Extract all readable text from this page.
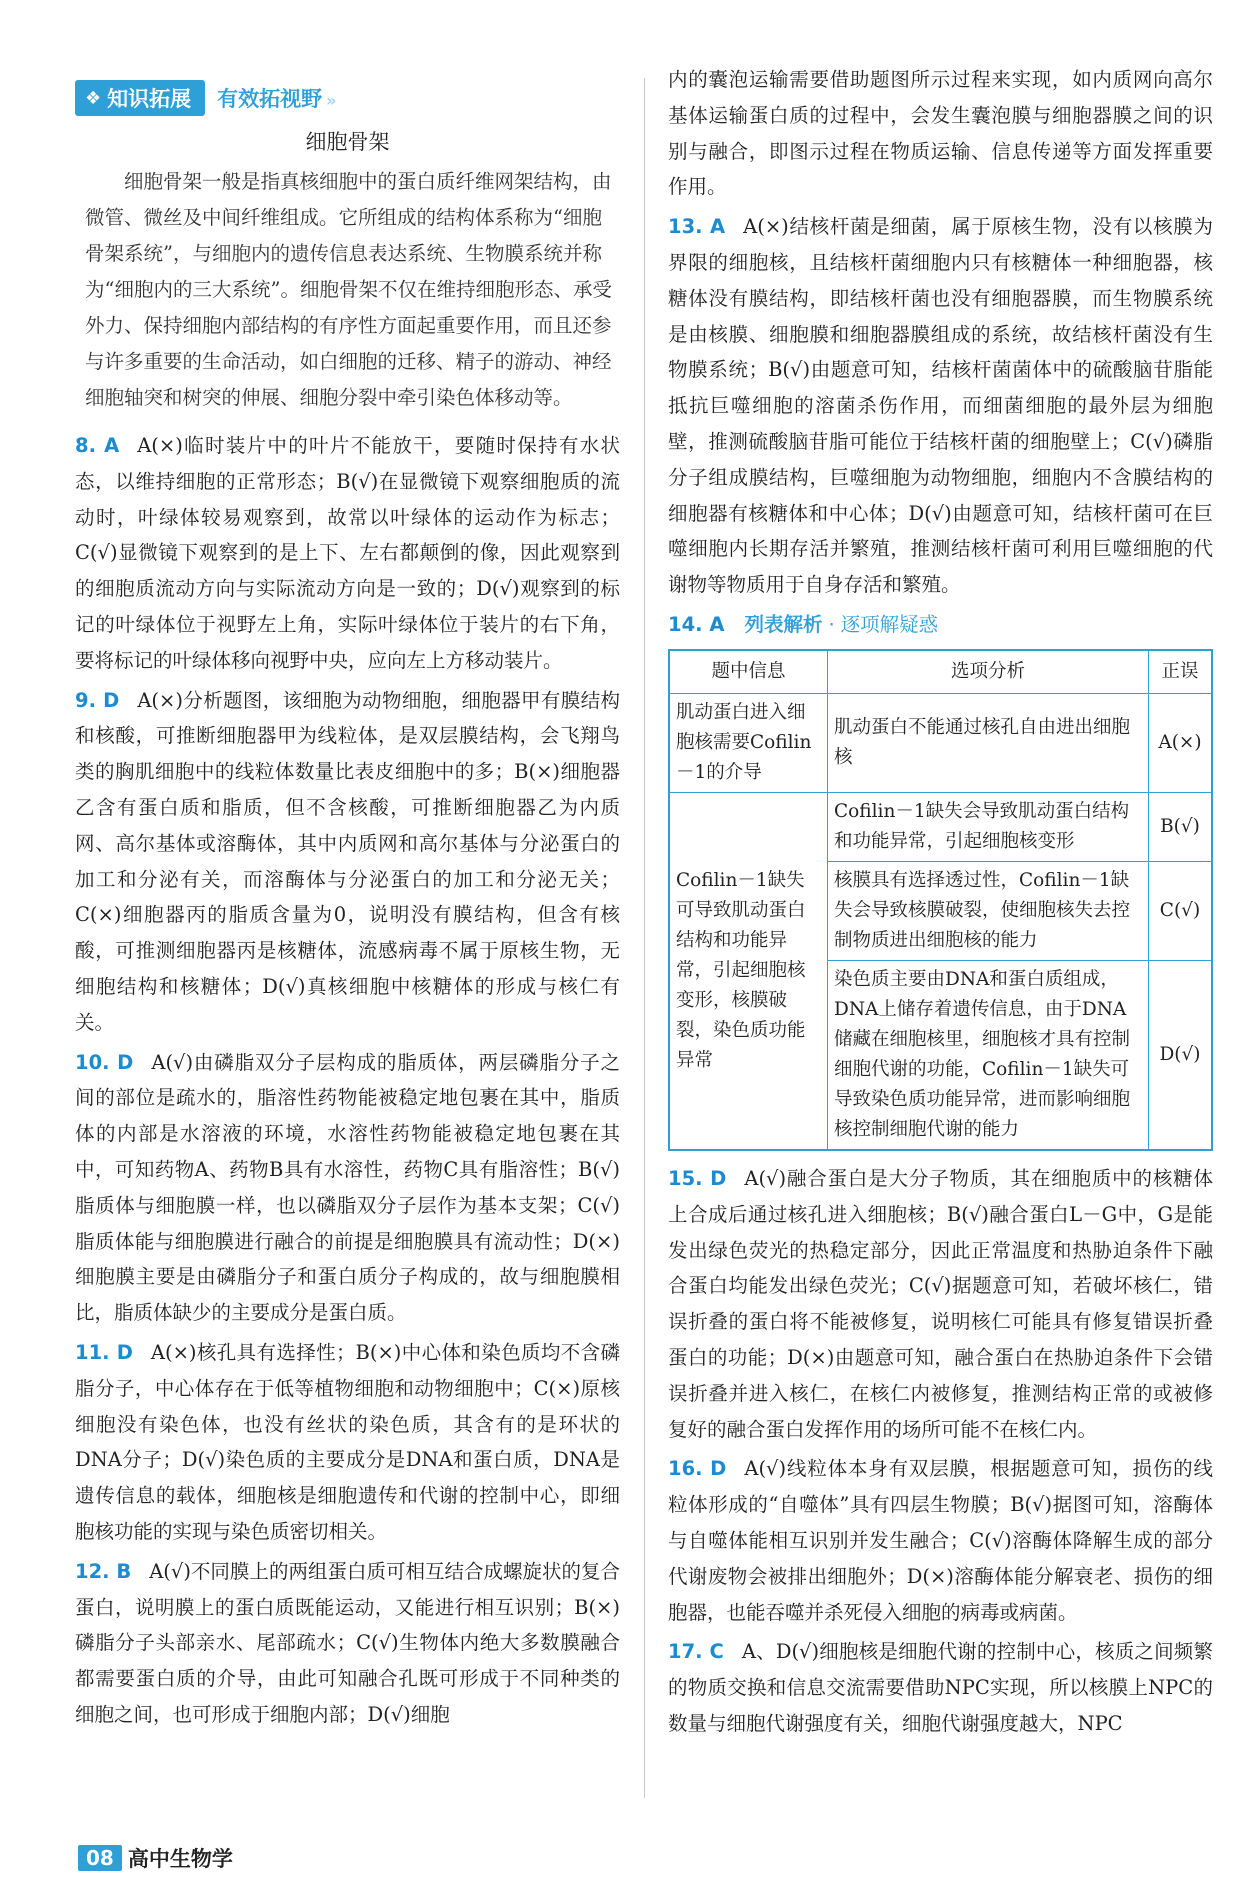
❖ 知识拓展 有效拓视野 »
细胞骨架

细胞骨架一般是指真核细胞中的蛋白质纤维网架结构，由微管、微丝及中间纤维组成。它所组成的结构体系称为“细胞骨架系统”，与细胞内的遗传信息表达系统、生物膜系统并称为“细胞内的三大系统”。细胞骨架不仅在维持细胞形态、承受外力、保持细胞内部结构的有序性方面起重要作用，而且还参与许多重要的生命活动，如白细胞的迁移、精子的游动、神经细胞轴突和树突的伸展、细胞分裂中牵引染色体移动等。

8. A A(×)临时装片中的叶片不能放干，要随时保持有水状态，以维持细胞的正常形态；B(√)在显微镜下观察细胞质的流动时，叶绿体较易观察到，故常以叶绿体的运动作为标志；C(√)显微镜下观察到的是上下、左右都颠倒的像，因此观察到的细胞质流动方向与实际流动方向是一致的；D(√)观察到的标记的叶绿体位于视野左上角，实际叶绿体位于装片的右下角，要将标记的叶绿体移向视野中央，应向左上方移动装片。

9. D A(×)分析题图，该细胞为动物细胞，细胞器甲有膜结构和核酸，可推断细胞器甲为线粒体，是双层膜结构，会飞翔鸟类的胸肌细胞中的线粒体数量比表皮细胞中的多；B(×)细胞器乙含有蛋白质和脂质，但不含核酸，可推断细胞器乙为内质网、高尔基体或溶酶体，其中内质网和高尔基体与分泌蛋白的加工和分泌有关，而溶酶体与分泌蛋白的加工和分泌无关；C(×)细胞器丙的脂质含量为0，说明没有膜结构，但含有核酸，可推测细胞器丙是核糖体，流感病毒不属于原核生物，无细胞结构和核糖体；D(√)真核细胞中核糖体的形成与核仁有关。

10. D A(√)由磷脂双分子层构成的脂质体，两层磷脂分子之间的部位是疏水的，脂溶性药物能被稳定地包裹在其中，脂质体的内部是水溶液的环境，水溶性药物能被稳定地包裹在其中，可知药物A、药物B具有水溶性，药物C具有脂溶性；B(√)脂质体与细胞膜一样，也以磷脂双分子层作为基本支架；C(√)脂质体能与细胞膜进行融合的前提是细胞膜具有流动性；D(×)细胞膜主要是由磷脂分子和蛋白质分子构成的，故与细胞膜相比，脂质体缺少的主要成分是蛋白质。

11. D A(×)核孔具有选择性；B(×)中心体和染色质均不含磷脂分子，中心体存在于低等植物细胞和动物细胞中；C(×)原核细胞没有染色体，也没有丝状的染色质，其含有的是环状的DNA分子；D(√)染色质的主要成分是DNA和蛋白质，DNA是遗传信息的载体，细胞核是细胞遗传和代谢的控制中心，即细胞核功能的实现与染色质密切相关。

12. B A(√)不同膜上的两组蛋白质可相互结合成螺旋状的复合蛋白，说明膜上的蛋白质既能运动，又能进行相互识别；B(×)磷脂分子头部亲水、尾部疏水；C(√)生物体内绝大多数膜融合都需要蛋白质的介导，由此可知融合孔既可形成于不同种类的细胞之间，也可形成于细胞内部；D(√)细胞

内的囊泡运输需要借助题图所示过程来实现，如内质网向高尔基体运输蛋白质的过程中，会发生囊泡膜与细胞器膜之间的识别与融合，即图示过程在物质运输、信息传递等方面发挥重要作用。

13. A A(×)结核杆菌是细菌，属于原核生物，没有以核膜为界限的细胞核，且结核杆菌细胞内只有核糖体一种细胞器，核糖体没有膜结构，即结核杆菌也没有细胞器膜，而生物膜系统是由核膜、细胞膜和细胞器膜组成的系统，故结核杆菌没有生物膜系统；B(√)由题意可知，结核杆菌菌体中的硫酸脑苷脂能抵抗巨噬细胞的溶菌杀伤作用，而细菌细胞的最外层为细胞壁，推测硫酸脑苷脂可能位于结核杆菌的细胞壁上；C(√)磷脂分子组成膜结构，巨噬细胞为动物细胞，细胞内不含膜结构的细胞器有核糖体和中心体；D(√)由题意可知，结核杆菌可在巨噬细胞内长期存活并繁殖，推测结核杆菌可利用巨噬细胞的代谢物等物质用于自身存活和繁殖。

14. A 列表解析 · 逐项解疑惑
题中信息	选项分析	正误
肌动蛋白进入细胞核需要Cofilin－1的介导	肌动蛋白不能通过核孔自由进出细胞核	A(×)
Cofilin－1缺失可导致肌动蛋白结构和功能异常，引起细胞核变形，核膜破裂，染色质功能异常	Cofilin－1缺失会导致肌动蛋白结构和功能异常，引起细胞核变形	B(√)
	核膜具有选择透过性，Cofilin－1缺失会导致核膜破裂，使细胞核失去控制物质进出细胞核的能力	C(√)
	染色质主要由DNA和蛋白质组成，DNA上储存着遗传信息，由于DNA储藏在细胞核里，细胞核才具有控制细胞代谢的功能，Cofilin－1缺失可导致染色质功能异常，进而影响细胞核控制细胞代谢的能力	D(√)

15. D A(√)融合蛋白是大分子物质，其在细胞质中的核糖体上合成后通过核孔进入细胞核；B(√)融合蛋白L－G中，G是能发出绿色荧光的热稳定部分，因此正常温度和热胁迫条件下融合蛋白均能发出绿色荧光；C(√)据题意可知，若破坏核仁，错误折叠的蛋白将不能被修复，说明核仁可能具有修复错误折叠蛋白的功能；D(×)由题意可知，融合蛋白在热胁迫条件下会错误折叠并进入核仁，在核仁内被修复，推测结构正常的或被修复好的融合蛋白发挥作用的场所可能不在核仁内。

16. D A(√)线粒体本身有双层膜，根据题意可知，损伤的线粒体形成的“自噬体”具有四层生物膜；B(√)据图可知，溶酶体与自噬体能相互识别并发生融合；C(√)溶酶体降解生成的部分代谢废物会被排出细胞外；D(×)溶酶体能分解衰老、损伤的细胞器，也能吞噬并杀死侵入细胞的病毒或病菌。

17. C A、D(√)细胞核是细胞代谢的控制中心，核质之间频繁的物质交换和信息交流需要借助NPC实现，所以核膜上NPC的数量与细胞代谢强度有关，细胞代谢强度越大，NPC

08 高中生物学
